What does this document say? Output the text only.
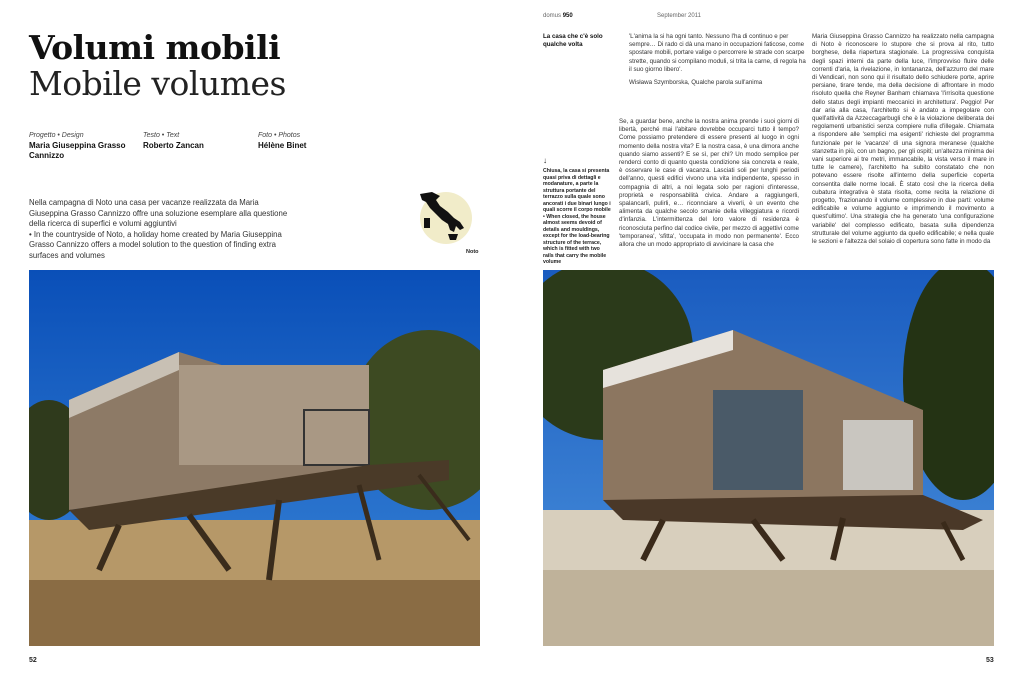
Volumi mobili
Mobile volumes
Progetto • Design
Maria Giuseppina Grasso Cannizzo
Testo • Text
Roberto Zancan
Foto • Photos
Hélène Binet
Nella campagna di Noto una casa per vacanze realizzata da Maria Giuseppina Grasso Cannizzo offre una soluzione esemplare alla questione della ricerca di superfici e volumi aggiuntivi
• In the countryside of Noto, a holiday home created by Maria Giuseppina Grasso Cannizzo offers a model solution to the question of finding extra surfaces and volumes	Noto
52
domus 950	September 2011
La casa che c'è solo qualche volta
↓
Chiusa, la casa si presenta quasi priva di dettagli e modanature, a parte la struttura portante del terrazzo sulla quale sono ancorati i due binari lungo i quali scorre il corpo mobile • When closed, the house almost seems devoid of details and mouldings, except for the load-bearing structure of the terrace, which is fitted with two rails that carry the mobile volume
'L'anima la si ha ogni tanto. Nessuno l'ha di continuo e per sempre… Di rado ci dà una mano in occupazioni faticose, come spostare mobili, portare valige o percorrere le strade con scarpe strette, quando si compilano moduli, si trita la carne, di regola ha il suo giorno libero'.
Wisława Szymborska, Qualche parola sull'anima
Se, a guardar bene, anche la nostra anima prende i suoi giorni di libertà, perché mai l'abitare dovrebbe occuparci tutto il tempo? Come possiamo pretendere di essere presenti al luogo in ogni momento della nostra vita? E la nostra casa, è una dimora anche quando siamo assenti? E se sì, per chi? Un modo semplice per renderci conto di quanto questa condizione sia concreta e reale, è osservare le case di vacanza. Lasciati soli per lunghi periodi dell'anno, questi edifici vivono una vita indipendente, spesso in compagnia di altri, a noi legata solo per ragioni d'interesse, proprietà e responsabilità civica. Andare a raggiungerli, spalancarli, pulirli, e… riconnciare a viverli, è un evento che alimenta da qualche secolo smanie della villeggiatura e ricordi d'infanzia. L'intermittenza del loro valore di residenza è riconosciuta perfino dal codice civile, per mezzo di aggettivi come 'temporanea', 'sfitta', 'occupata in modo non permanente'. Ecco allora che un modo appropriato di avvicinare la casa che
Maria Giuseppina Grasso Cannizzo ha realizzato nella campagna di Noto è riconoscere lo stupore che si prova al rito, tutto borghese, della riapertura stagionale. La progressiva conquista degli spazi interni da parte della luce, l'improvviso fluire delle correnti d'aria, la rivelazione, in lontananza, dell'azzurro del mare di Vendicari, non sono qui il risultato dello schiudere porte, aprire persiane, tirare tende, ma della decisione di affrontare in modo risoluto quella che Reyner Banham chiamava 'l'irrisolta questione dello status degli impianti meccanici in architettura'. Peggio! Per dar aria alla casa, l'architetto si è andato a impegolare con quell'attività da Azzeccagarbugli che è la violazione deliberata dei regolamenti urbanistici senza compiere nulla d'illegale. Chiamata a rispondere alle 'semplici ma esigenti' richieste del programma funzionale per le 'vacanze' di una signora meranese (qualche stanzetta in più, con un bagno, per gli ospiti; un'altezza minima dei vani superiore ai tre metri, immancabile, la vista verso il mare in tutte le camere), l'architetto ha subito constatato che non potevano essere risolte all'interno della superficie coperta consentita dalle norme locali. È stato così che la ricerca della cubatura integrativa è stata risolta, come recita la relazione di progetto, 'frazionando il volume complessivo in due parti: volume edificabile e volume aggiunto e imprimendo il movimento a quest'ultimo'. Una strategia che ha generato 'una configurazione variabile' del complesso edificato, basata sulla dipendenza strutturale del volume aggiunto da quello edificabile; e nella quale le sezioni e l'altezza del solaio di copertura sono fatte in modo da
53
